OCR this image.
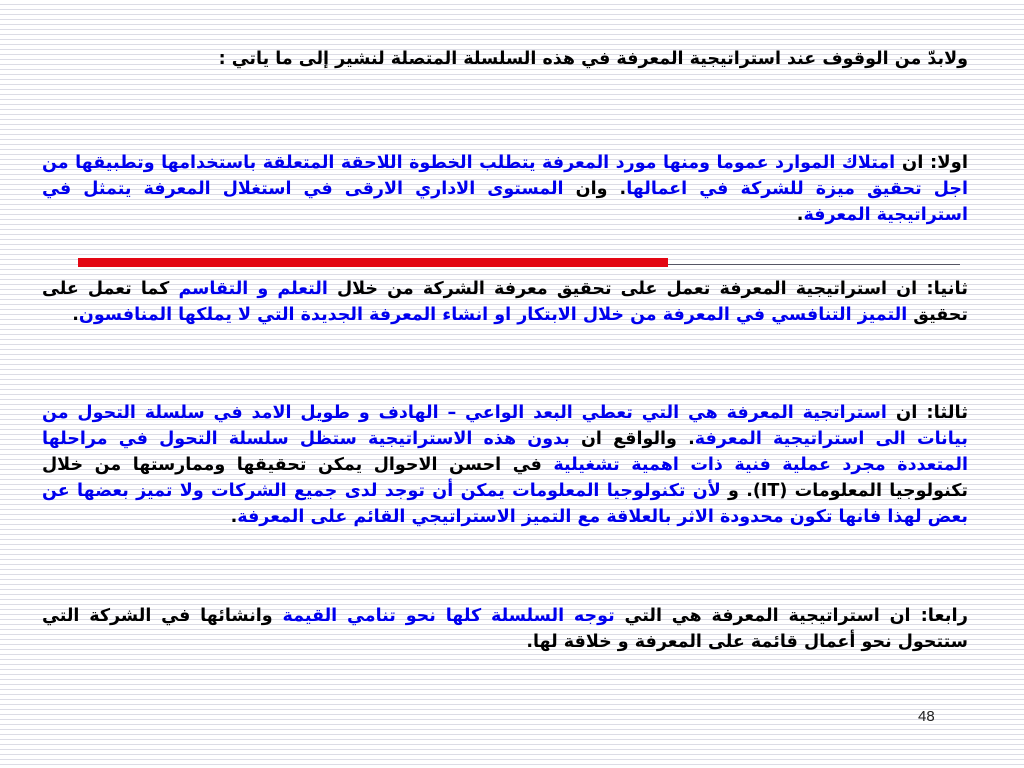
ولابدّ من الوقوف عند استراتيجية المعرفة في هذه السلسلة المتصلة لنشير إلى ما ياتي :

اولا: ان امتلاك الموارد عموما ومنها مورد المعرفة يتطلب الخطوة اللاحقة المتعلقة باستخدامها وتطبيقها من اجل تحقيق ميزة للشركة في اعمالها. وان المستوى الاداري الارقى في استغلال المعرفة يتمثل في استراتيجية المعرفة.

ثانيا: ان استراتيجية المعرفة تعمل على تحقيق معرفة الشركة من خلال التعلم و التقاسم كما تعمل على تحقيق التميز التنافسي في المعرفة من خلال الابتكار او انشاء المعرفة الجديدة التي لا يملكها المنافسون.

ثالثا: ان استراتجية المعرفة هي التي تعطي البعد الواعي – الهادف و طويل الامد في سلسلة التحول من بيانات الى استراتيجية المعرفة. والواقع ان بدون هذه الاستراتيجية ستظل سلسلة التحول في مراحلها المتعددة مجرد عملية فنية ذات اهمية تشغيلية في احسن الاحوال يمكن تحقيقها وممارستها من خلال تكنولوجيا المعلومات (IT). و لأن تكنولوجيا المعلومات يمكن أن توجد لدى جميع الشركات ولا تميز بعضها عن بعض لهذا فانها تكون محدودة الاثر بالعلاقة مع التميز الاستراتيجي القائم على المعرفة.

رابعا: ان استراتيجية المعرفة هي التي توجه السلسلة كلها نحو تنامي القيمة وانشائها في الشركة التي ستتحول نحو أعمال قائمة على المعرفة و خلاقة لها.

48
